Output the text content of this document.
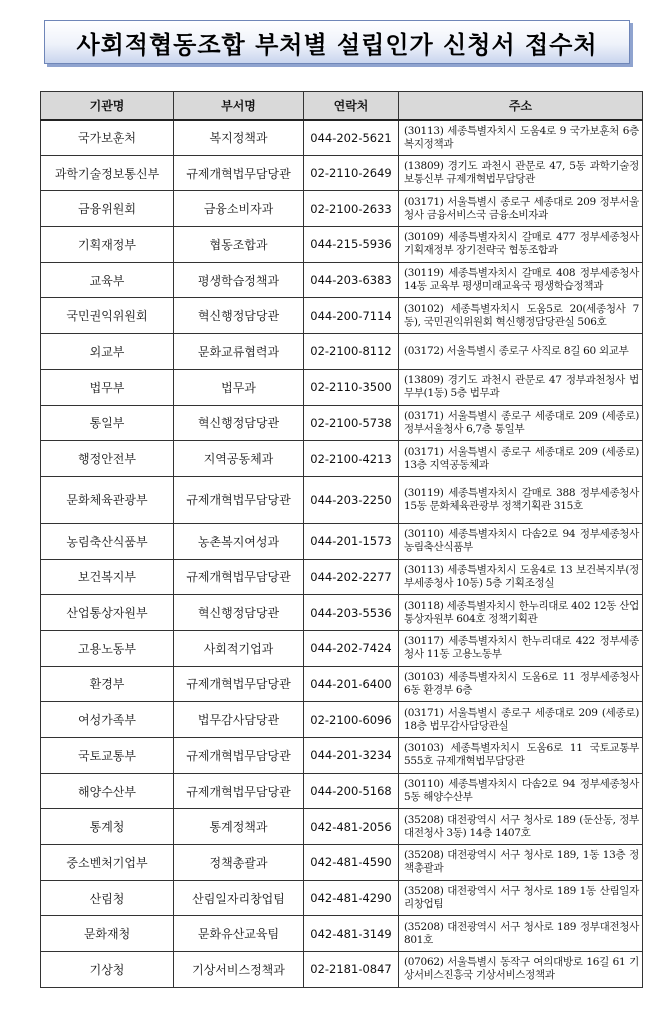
사회적협동조합 부처별 설립인가 신청서 접수처
기관명	부서명	연락처	주소
국가보훈처	복지정책과	044-202-5621	(30113) 세종특별자치시 도움4로 9 국가보훈처 6층 복지정책과
과학기술정보통신부	규제개혁법무담당관	02-2110-2649	(13809) 경기도 과천시 관문로 47, 5동 과학기술정보통신부 규제개혁법무담당관
금융위원회	금융소비자과	02-2100-2633	(03171) 서울특별시 종로구 세종대로 209 정부서울청사 금융서비스국 금융소비자과
기획재정부	협동조합과	044-215-5936	(30109) 세종특별자치시 갈매로 477 정부세종청사 기획재정부 장기전략국 협동조합과
교육부	평생학습정책과	044-203-6383	(30119) 세종특별자치시 갈매로 408 정부세종청사 14동 교육부 평생미래교육국 평생학습정책과
국민권익위원회	혁신행정담당관	044-200-7114	(30102) 세종특별자치시 도움5로 20(세종청사 7동), 국민권익위원회 혁신행정담당관실 506호
외교부	문화교류협력과	02-2100-8112	(03172) 서울특별시 종로구 사직로 8길 60 외교부
법무부	법무과	02-2110-3500	(13809) 경기도 과천시 관문로 47 정부과천청사 법무부(1동) 5층 법무과
통일부	혁신행정담당관	02-2100-5738	(03171) 서울특별시 종로구 세종대로 209 (세종로) 정부서울청사 6,7층 통일부
행정안전부	지역공동체과	02-2100-4213	(03171) 서울특별시 종로구 세종대로 209 (세종로) 13층 지역공동체과
문화체육관광부	규제개혁법무담당관	044-203-2250	(30119) 세종특별자치시 갈매로 388 정부세종청사 15동 문화체육관광부 정책기획관 315호
농림축산식품부	농촌복지여성과	044-201-1573	(30110) 세종특별자치시 다솜2로 94 정부세종청사 농림축산식품부
보건복지부	규제개혁법무담당관	044-202-2277	(30113) 세종특별자치시 도움4로 13 보건복지부(정부세종청사 10동) 5층 기획조정실
산업통상자원부	혁신행정담당관	044-203-5536	(30118) 세종특별자치시 한누리대로 402 12동 산업통상자원부 604호 정책기획관
고용노동부	사회적기업과	044-202-7424	(30117) 세종특별자치시 한누리대로 422 정부세종청사 11동 고용노동부
환경부	규제개혁법무담당관	044-201-6400	(30103) 세종특별자치시 도움6로 11 정부세종청사 6동 환경부 6층
여성가족부	법무감사담당관	02-2100-6096	(03171) 서울특별시 종로구 세종대로 209 (세종로) 18층 법무감사담당관실
국토교통부	규제개혁법무담당관	044-201-3234	(30103) 세종특별자치시 도움6로 11 국토교통부 555호 규제개혁법무담당관
해양수산부	규제개혁법무담당관	044-200-5168	(30110) 세종특별자치시 다솜2로 94 정부세종청사 5동 해양수산부
통계청	통계정책과	042-481-2056	(35208) 대전광역시 서구 청사로 189 (둔산동, 정부대전청사 3동) 14층 1407호
중소벤처기업부	정책총괄과	042-481-4590	(35208) 대전광역시 서구 청사로 189, 1동 13층 정책총괄과
산림청	산림일자리창업팀	042-481-4290	(35208) 대전광역시 서구 청사로 189 1동 산림일자리창업팀
문화재청	문화유산교육팀	042-481-3149	(35208) 대전광역시 서구 청사로 189 정부대전청사 801호
기상청	기상서비스정책과	02-2181-0847	(07062) 서울특별시 동작구 여의대방로 16길 61 기상서비스진흥국 기상서비스정책과
